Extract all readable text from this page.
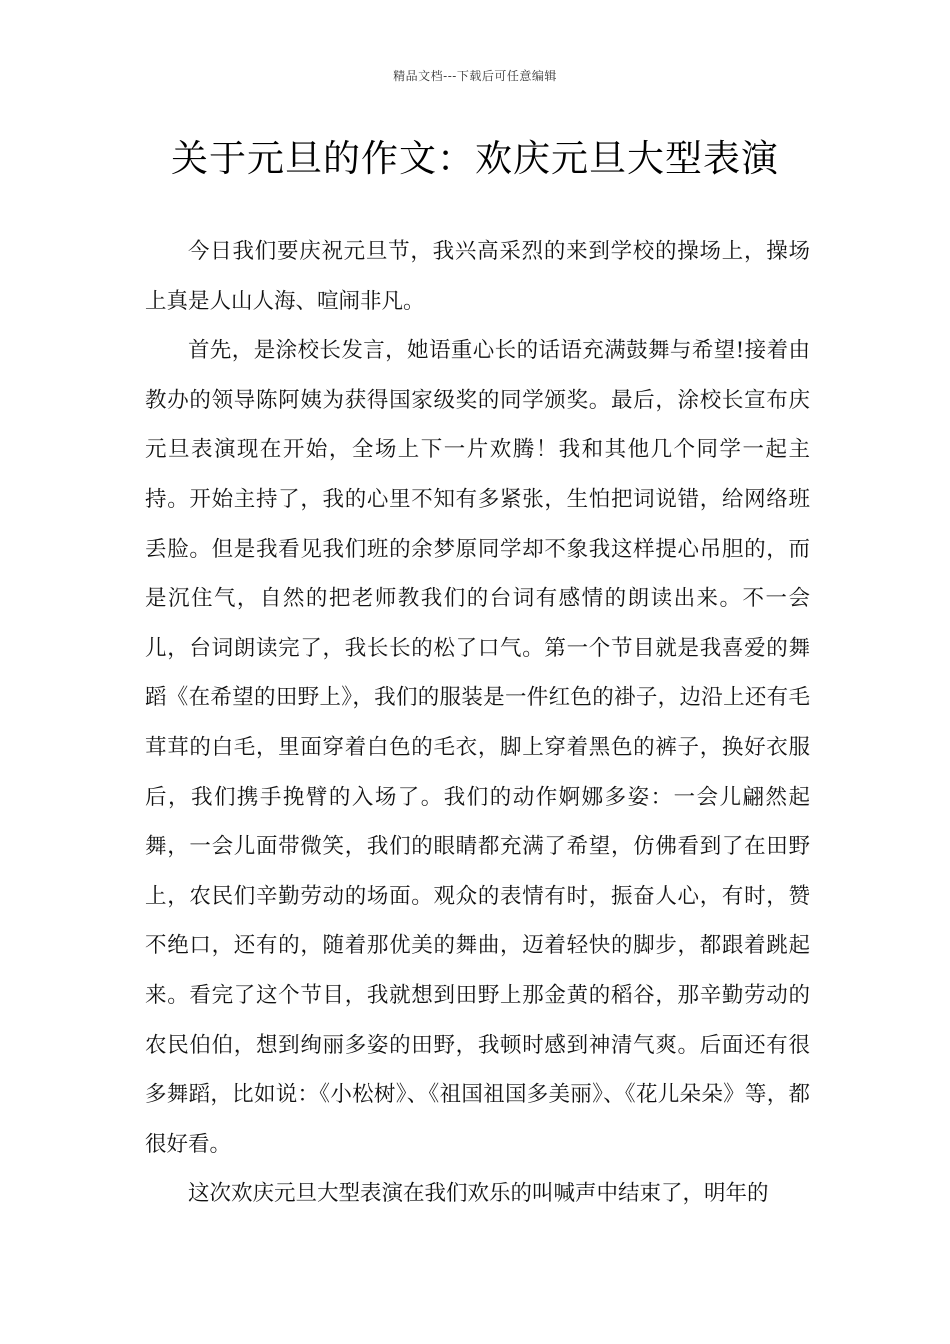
精品文档---下载后可任意编辑
关于元旦的作文：欢庆元旦大型表演

今日我们要庆祝元旦节，我兴高采烈的来到学校的操场上，操场上真是人山人海、喧闹非凡。

首先，是涂校长发言，她语重心长的话语充满鼓舞与希望!接着由教办的领导陈阿姨为获得国家级奖的同学颁奖。最后，涂校长宣布庆元旦表演现在开始，全场上下一片欢腾！我和其他几个同学一起主持。开始主持了，我的心里不知有多紧张，生怕把词说错，给网络班丢脸。但是我看见我们班的余梦原同学却不象我这样提心吊胆的，而是沉住气，自然的把老师教我们的台词有感情的朗读出来。不一会儿，台词朗读完了，我长长的松了口气。第一个节目就是我喜爱的舞蹈《在希望的田野上》，我们的服装是一件红色的褂子，边沿上还有毛茸茸的白毛，里面穿着白色的毛衣，脚上穿着黑色的裤子，换好衣服后，我们携手挽臂的入场了。我们的动作婀娜多姿：一会儿翩然起舞，一会儿面带微笑，我们的眼睛都充满了希望，仿佛看到了在田野上，农民们辛勤劳动的场面。观众的表情有时，振奋人心，有时，赞不绝口，还有的，随着那优美的舞曲，迈着轻快的脚步，都跟着跳起来。看完了这个节目，我就想到田野上那金黄的稻谷，那辛勤劳动的农民伯伯，想到绚丽多姿的田野，我顿时感到神清气爽。后面还有很多舞蹈，比如说：《小松树》、《祖国祖国多美丽》、《花儿朵朵》等，都很好看。

这次欢庆元旦大型表演在我们欢乐的叫喊声中结束了，明年的
